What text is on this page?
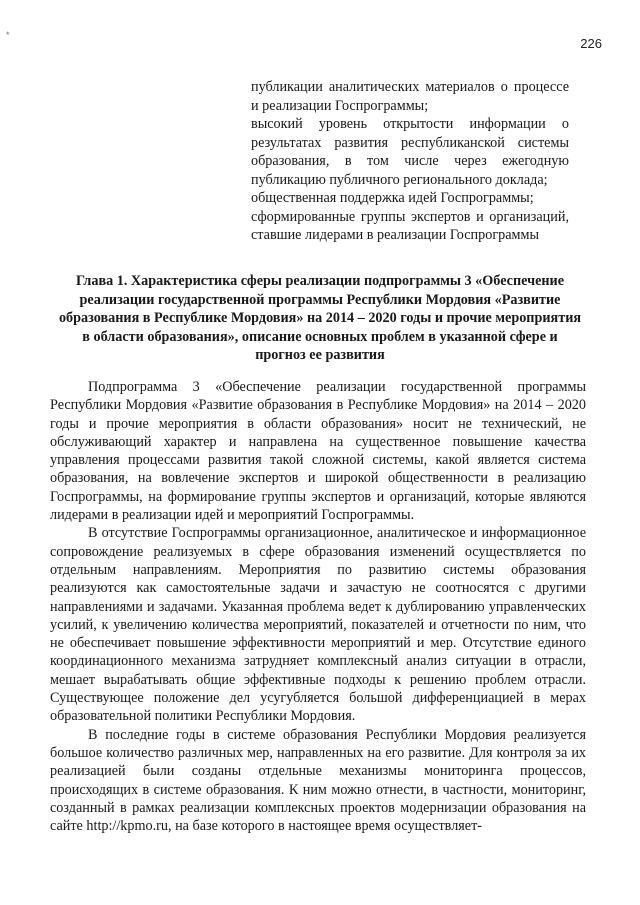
*
226

публикации аналитических материалов о процессе и реализации Госпрограммы;

высокий уровень открытости информации о результатах развития республиканской системы образования, в том числе через ежегодную публикацию публичного регионального доклада;

общественная поддержка идей Госпрограммы;

сформированные группы экспертов и организаций, ставшие лидерами в реализации Госпрограммы

Глава 1. Характеристика сферы реализации подпрограммы 3 «Обеспечение реализации государственной программы Республики Мордовия «Развитие образования в Республике Мордовия» на 2014 – 2020 годы и прочие мероприятия в области образования», описание основных проблем в указанной сфере и прогноз ее развития

Подпрограмма 3 «Обеспечение реализации государственной программы Республики Мордовия «Развитие образования в Республике Мордовия» на 2014 – 2020 годы и прочие мероприятия в области образования» носит не технический, не обслуживающий характер и направлена на существенное повышение качества управления процессами развития такой сложной системы, какой является система образования, на вовлечение экспертов и широкой общественности в реализацию Госпрограммы, на формирование группы экспертов и организаций, которые являются лидерами в реализации идей и мероприятий Госпрограммы.

В отсутствие Госпрограммы организационное, аналитическое и информационное сопровождение реализуемых в сфере образования изменений осуществляется по отдельным направлениям. Мероприятия по развитию системы образования реализуются как самостоятельные задачи и зачастую не соотносятся с другими направлениями и задачами. Указанная проблема ведет к дублированию управленческих усилий, к увеличению количества мероприятий, показателей и отчетности по ним, что не обеспечивает повышение эффективности мероприятий и мер. Отсутствие единого координационного механизма затрудняет комплексный анализ ситуации в отрасли, мешает вырабатывать общие эффективные подходы к решению проблем отрасли. Существующее положение дел усугубляется большой дифференциацией в мерах образовательной политики Республики Мордовия.

В последние годы в системе образования Республики Мордовия реализуется большое количество различных мер, направленных на его развитие. Для контроля за их реализацией были созданы отдельные механизмы мониторинга процессов, происходящих в системе образования. К ним можно отнести, в частности, мониторинг, созданный в рамках реализации комплексных проектов модернизации образования на сайте http://kpmo.ru, на базе которого в настоящее время осуществляет-
